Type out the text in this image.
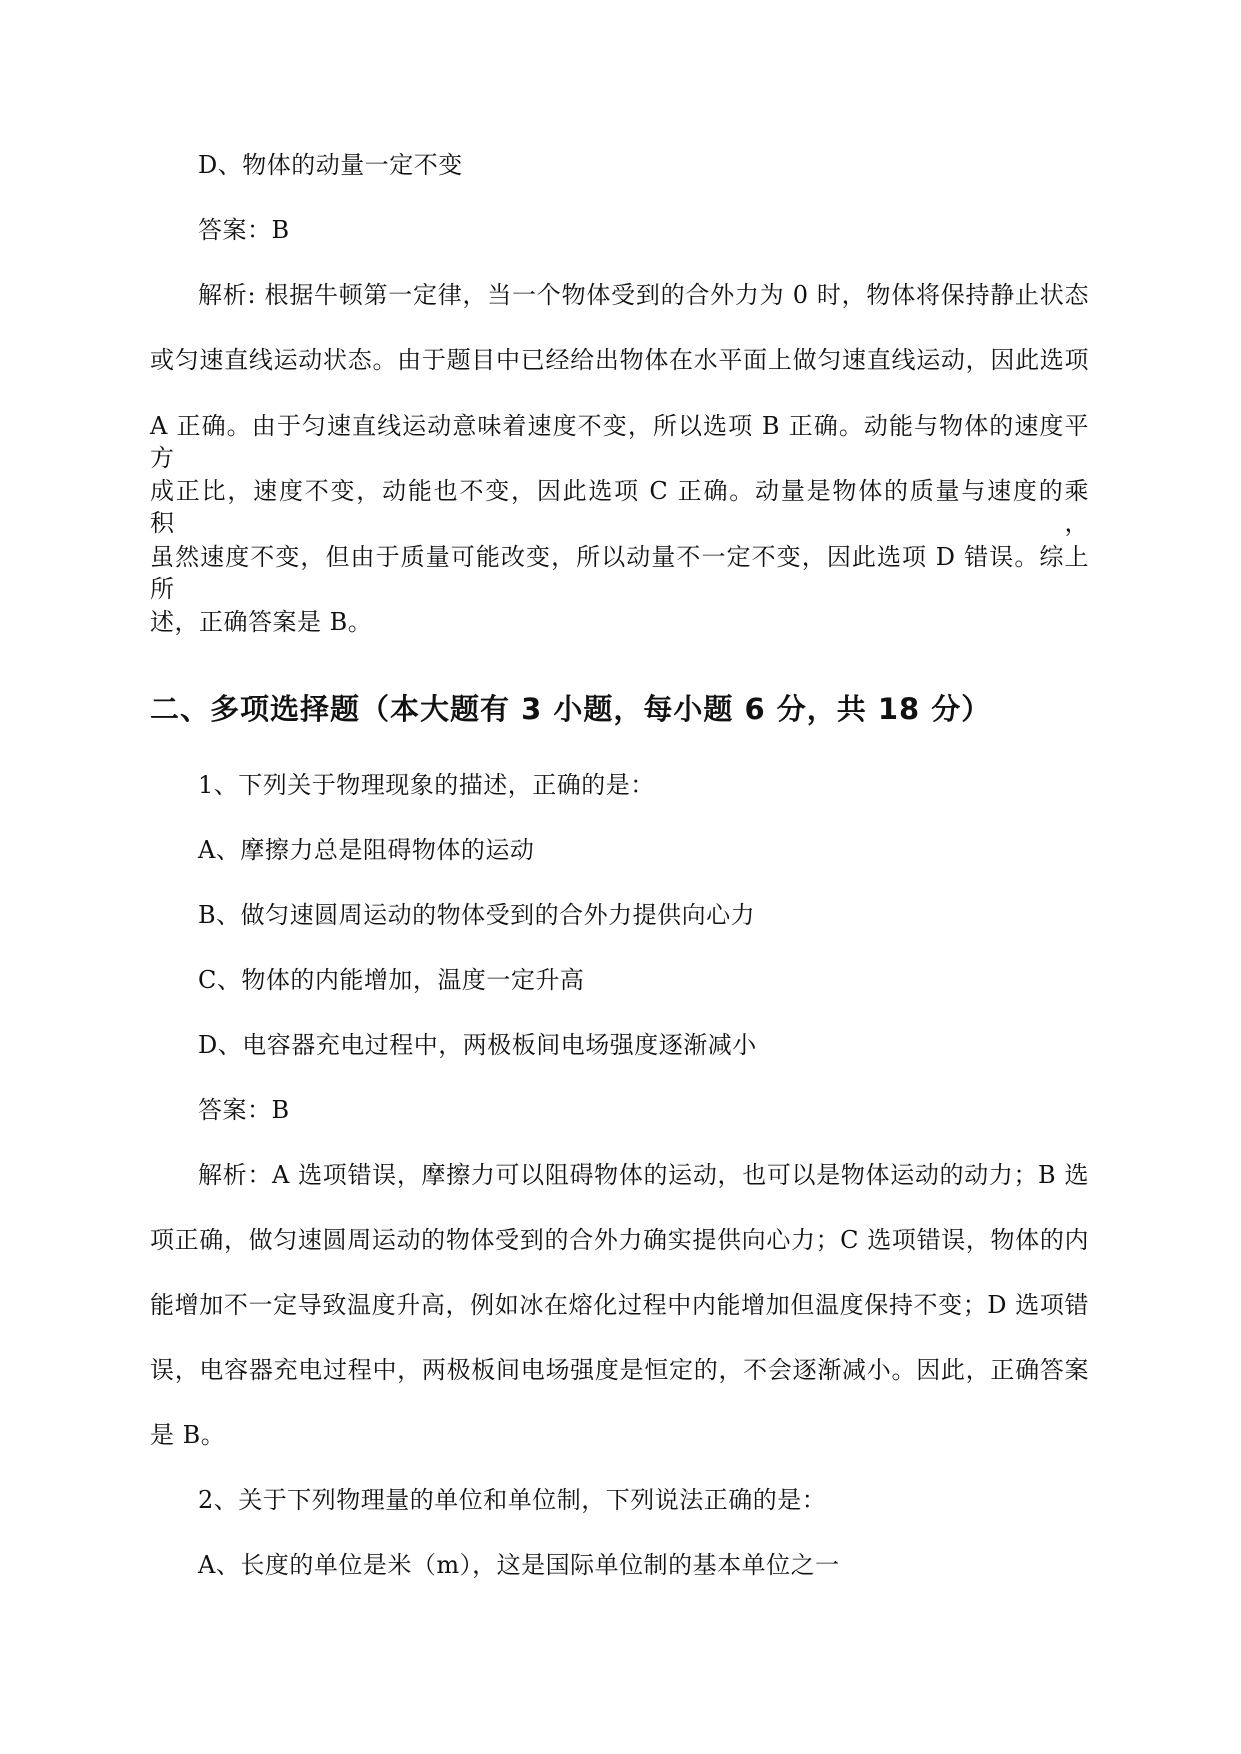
D、物体的动量一定不变

答案：B

解析: 根据牛顿第一定律，当一个物体受到的合外力为 0 时，物体将保持静止状态

或匀速直线运动状态。由于题目中已经给出物体在水平面上做匀速直线运动，因此选项

A 正确。由于匀速直线运动意味着速度不变，所以选项 B 正确。动能与物体的速度平方

成正比，速度不变，动能也不变，因此选项 C 正确。动量是物体的质量与速度的乘积，

虽然速度不变，但由于质量可能改变，所以动量不一定不变，因此选项 D 错误。综上所

述，正确答案是 B。

二、多项选择题（本大题有 3 小题，每小题 6 分，共 18 分）

1、下列关于物理现象的描述，正确的是：

A、摩擦力总是阻碍物体的运动

B、做匀速圆周运动的物体受到的合外力提供向心力

C、物体的内能增加，温度一定升高

D、电容器充电过程中，两极板间电场强度逐渐减小

答案：B

解析：A 选项错误，摩擦力可以阻碍物体的运动，也可以是物体运动的动力；B 选

项正确，做匀速圆周运动的物体受到的合外力确实提供向心力；C 选项错误，物体的内

能增加不一定导致温度升高，例如冰在熔化过程中内能增加但温度保持不变；D 选项错

误，电容器充电过程中，两极板间电场强度是恒定的，不会逐渐减小。因此，正确答案

是 B。

2、关于下列物理量的单位和单位制，下列说法正确的是：

A、长度的单位是米（m），这是国际单位制的基本单位之一
